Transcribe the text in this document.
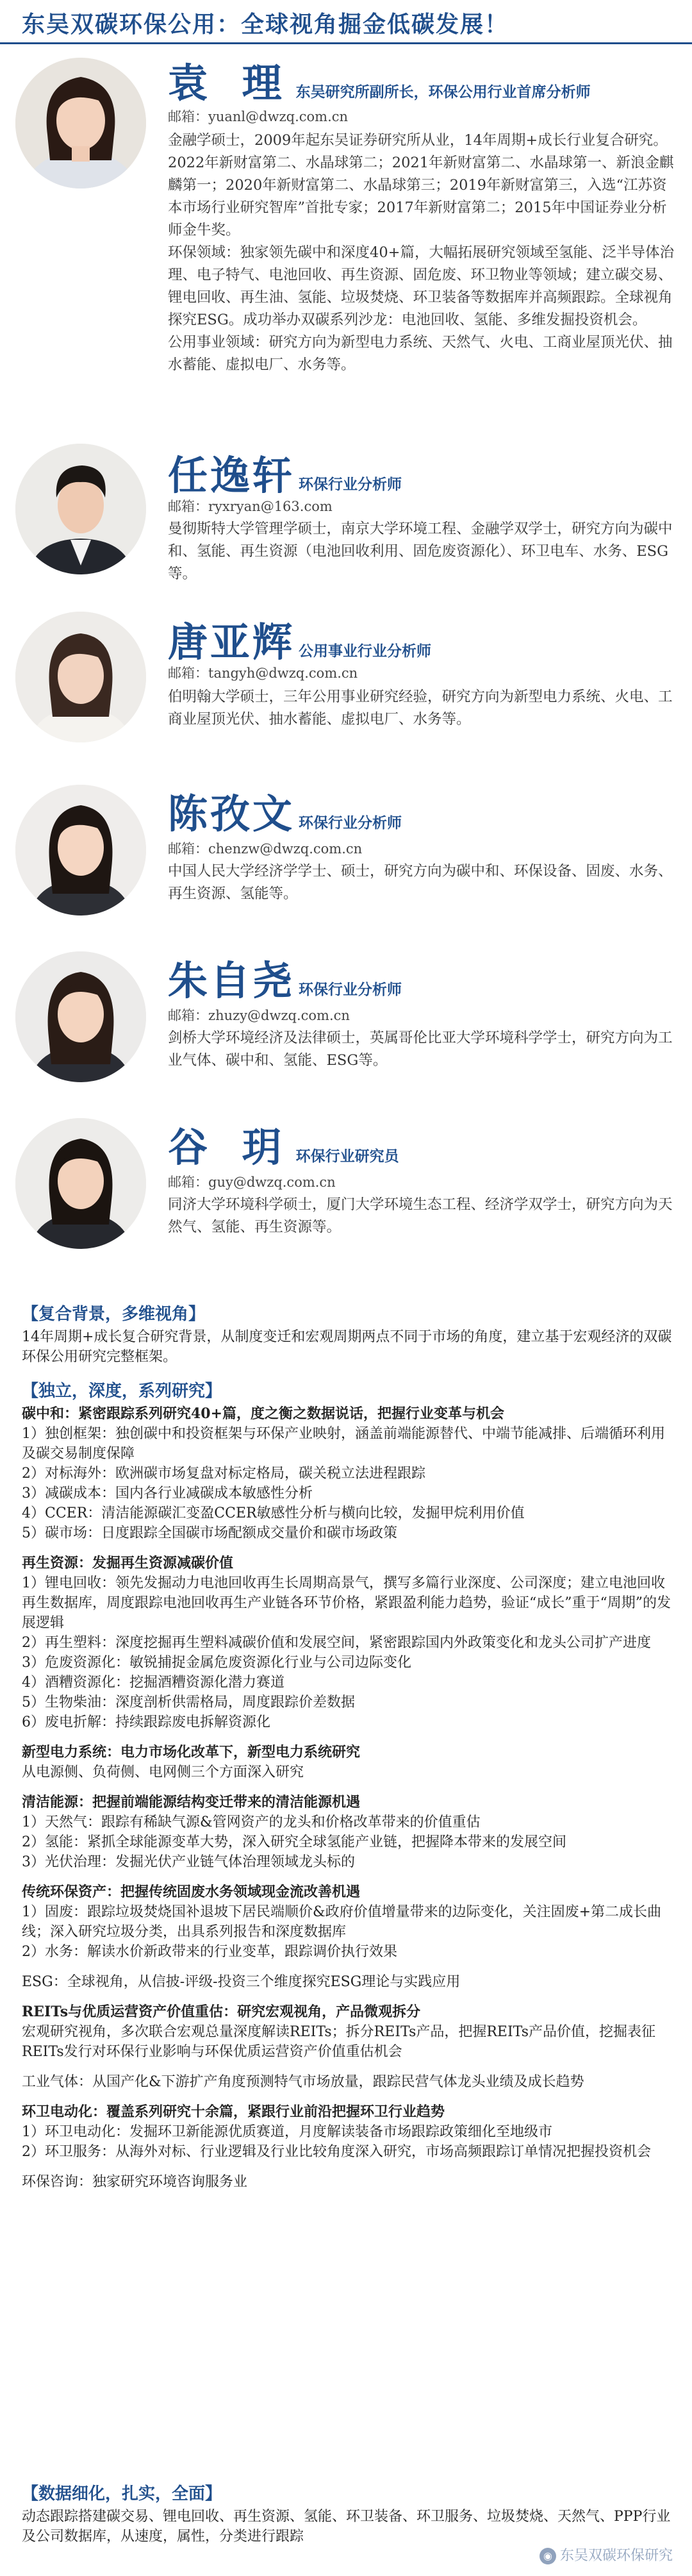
东吴双碳环保公用：全球视角掘金低碳发展！
袁 理 东吴研究所副所长，环保公用行业首席分析师
邮箱：yuanl@dwzq.com.cn

金融学硕士，2009年起东吴证券研究所从业，14年周期+成长行业复合研究。2022年新财富第二、水晶球第二；2021年新财富第二、水晶球第一、新浪金麒麟第一；2020年新财富第二、水晶球第三；2019年新财富第三，入选“江苏资本市场行业研究智库”首批专家；2017年新财富第二；2015年中国证券业分析师金牛奖。

环保领域：独家领先碳中和深度40+篇，大幅拓展研究领域至氢能、泛半导体治理、电子特气、电池回收、再生资源、固危废、环卫物业等领域；建立碳交易、锂电回收、再生油、氢能、垃圾焚烧、环卫装备等数据库并高频跟踪。全球视角探究ESG。成功举办双碳系列沙龙：电池回收、氢能、多维发掘投资机会。

公用事业领域：研究方向为新型电力系统、天然气、火电、工商业屋顶光伏、抽水蓄能、虚拟电厂、水务等。

任逸轩 环保行业分析师
邮箱：ryxryan@163.com

曼彻斯特大学管理学硕士，南京大学环境工程、金融学双学士，研究方向为碳中和、氢能、再生资源（电池回收利用、固危废资源化）、环卫电车、水务、ESG等。

唐亚辉 公用事业行业分析师
邮箱：tangyh@dwzq.com.cn

伯明翰大学硕士，三年公用事业研究经验，研究方向为新型电力系统、火电、工商业屋顶光伏、抽水蓄能、虚拟电厂、水务等。

陈孜文 环保行业分析师
邮箱：chenzw@dwzq.com.cn

中国人民大学经济学学士、硕士，研究方向为碳中和、环保设备、固废、水务、再生资源、氢能等。

朱自尧 环保行业分析师
邮箱：zhuzy@dwzq.com.cn

剑桥大学环境经济及法律硕士，英属哥伦比亚大学环境科学学士，研究方向为工业气体、碳中和、氢能、ESG等。

谷 玥 环保行业研究员
邮箱：guy@dwzq.com.cn

同济大学环境科学硕士，厦门大学环境生态工程、经济学双学士，研究方向为天然气、氢能、再生资源等。

【复合背景，多维视角】

14年周期+成长复合研究背景，从制度变迁和宏观周期两点不同于市场的角度，建立基于宏观经济的双碳环保公用研究完整框架。

【独立，深度，系列研究】

碳中和：紧密跟踪系列研究40+篇，度之衡之数据说话，把握行业变革与机会

1）独创框架：独创碳中和投资框架与环保产业映射，涵盖前端能源替代、中端节能减排、后端循环利用及碳交易制度保障

2）对标海外：欧洲碳市场复盘对标定格局，碳关税立法进程跟踪

3）减碳成本：国内各行业减碳成本敏感性分析

4）CCER：清洁能源碳汇变盈CCER敏感性分析与横向比较，发掘甲烷利用价值

5）碳市场：日度跟踪全国碳市场配额成交量价和碳市场政策

再生资源：发掘再生资源减碳价值

1）锂电回收：领先发掘动力电池回收再生长周期高景气，撰写多篇行业深度、公司深度；建立电池回收再生数据库，周度跟踪电池回收再生产业链各环节价格，紧跟盈利能力趋势，验证“成长”重于“周期”的发展逻辑

2）再生塑料：深度挖掘再生塑料减碳价值和发展空间，紧密跟踪国内外政策变化和龙头公司扩产进度

3）危废资源化：敏锐捕捉金属危废资源化行业与公司边际变化

4）酒糟资源化：挖掘酒糟资源化潜力赛道

5）生物柴油：深度剖析供需格局，周度跟踪价差数据

6）废电折解：持续跟踪废电拆解资源化

新型电力系统：电力市场化改革下，新型电力系统研究

从电源侧、负荷侧、电网侧三个方面深入研究

清洁能源：把握前端能源结构变迁带来的清洁能源机遇

1）天然气：跟踪有稀缺气源&管网资产的龙头和价格改革带来的价值重估

2）氢能：紧抓全球能源变革大势，深入研究全球氢能产业链，把握降本带来的发展空间

3）光伏治理：发掘光伏产业链气体治理领域龙头标的

传统环保资产：把握传统固废水务领域现金流改善机遇

1）固废：跟踪垃圾焚烧国补退坡下居民端顺价&政府价值增量带来的边际变化，关注固废+第二成长曲线；深入研究垃圾分类，出具系列报告和深度数据库

2）水务：解读水价新政带来的行业变革，跟踪调价执行效果

ESG：全球视角，从信披-评级-投资三个维度探究ESG理论与实践应用

REITs与优质运营资产价值重估：研究宏观视角，产品微观拆分

宏观研究视角，多次联合宏观总量深度解读REITs；拆分REITs产品，把握REITs产品价值，挖掘表征REITs发行对环保行业影响与环保优质运营资产价值重估机会

工业气体：从国产化&下游扩产角度预测特气市场放量，跟踪民营气体龙头业绩及成长趋势

环卫电动化：覆盖系列研究十余篇，紧跟行业前沿把握环卫行业趋势

1）环卫电动化：发掘环卫新能源优质赛道，月度解读装备市场跟踪政策细化至地级市

2）环卫服务：从海外对标、行业逻辑及行业比较角度深入研究，市场高频跟踪订单情况把握投资机会

环保咨询：独家研究环境咨询服务业

【数据细化，扎实，全面】

动态跟踪搭建碳交易、锂电回收、再生资源、氢能、环卫装备、环卫服务、垃圾焚烧、天然气、PPP行业及公司数据库，从速度，属性，分类进行跟踪

◉ 东吴双碳环保研究
